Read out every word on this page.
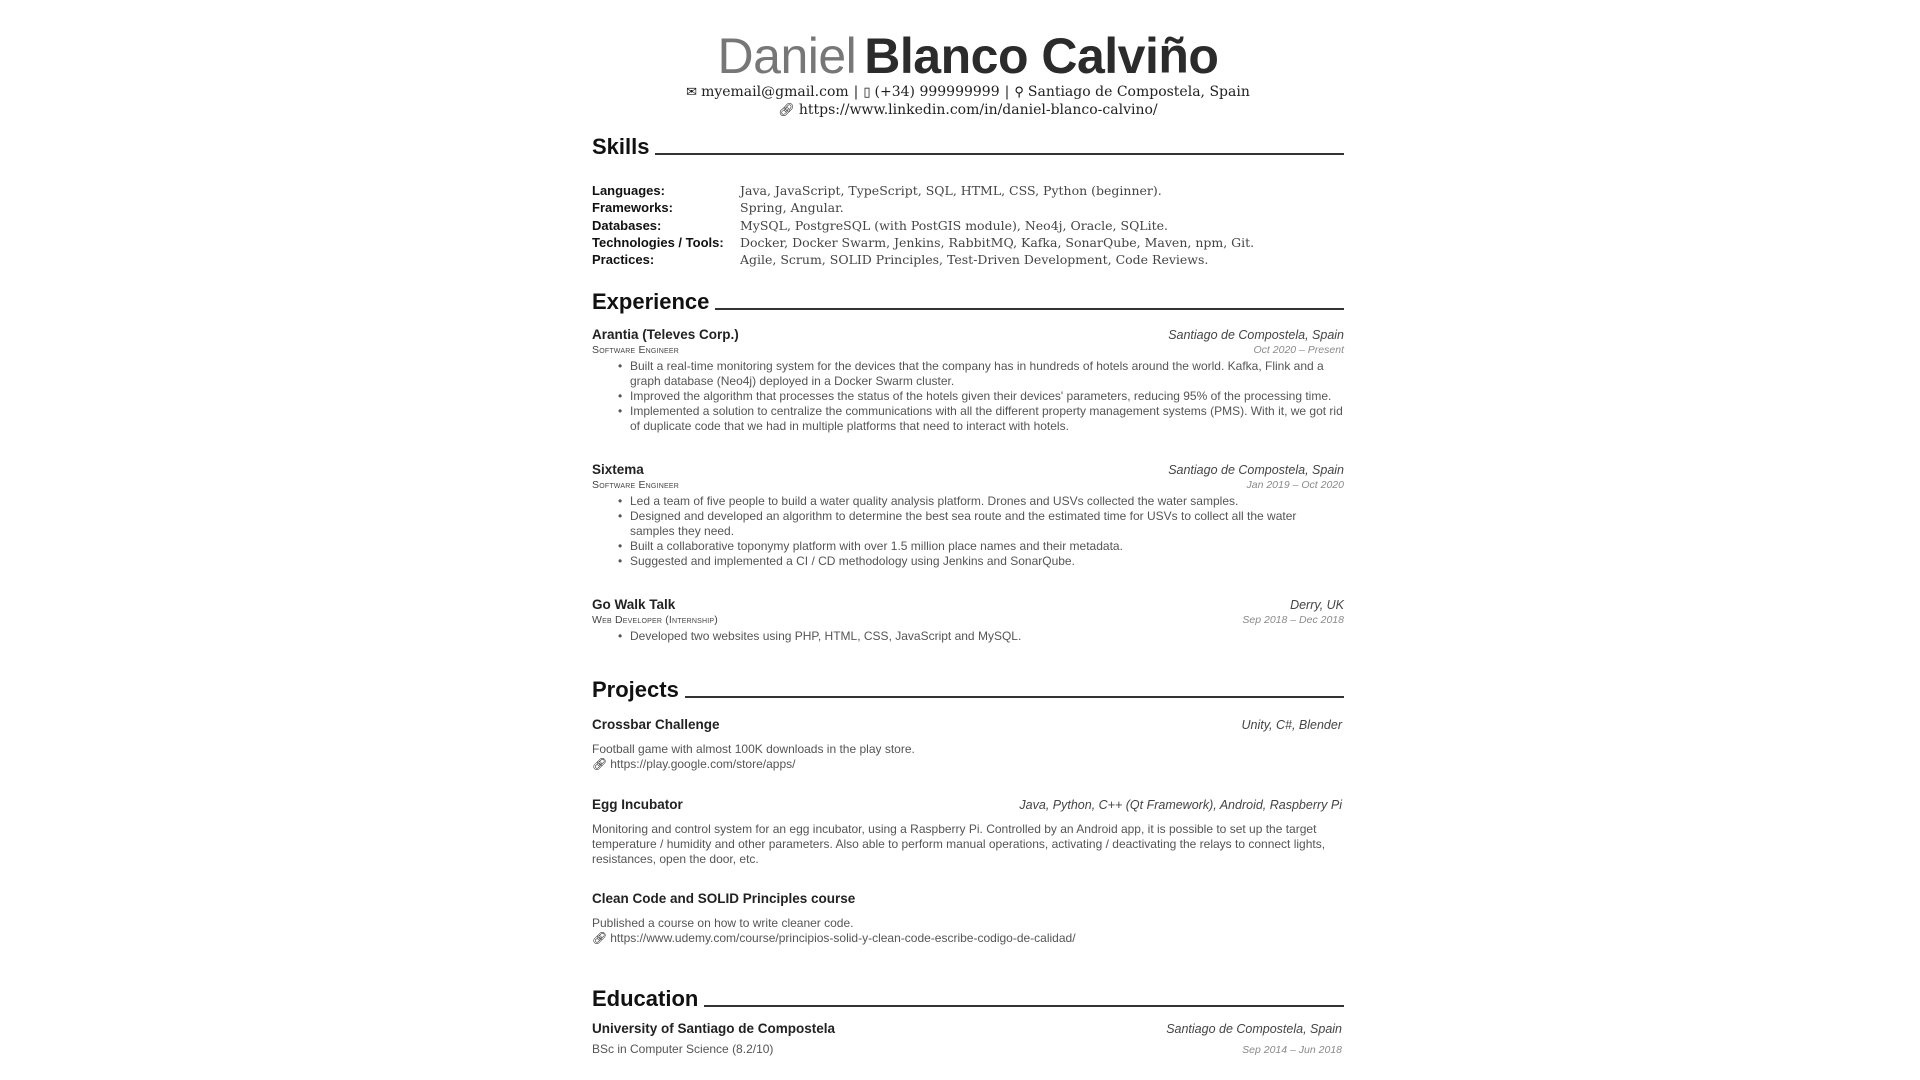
Daniel Blanco Calviño
✉ myemail@gmail.com | ▯ (+34) 999999999 | ⚲ Santiago de Compostela, Spain
🔗︎ https://www.linkedin.com/in/daniel-blanco-calvino/
Skills
Languages:	Java, JavaScript, TypeScript, SQL, HTML, CSS, Python (beginner).
Frameworks:	Spring, Angular.
Databases:	MySQL, PostgreSQL (with PostGIS module), Neo4j, Oracle, SQLite.
Technologies / Tools:	Docker, Docker Swarm, Jenkins, RabbitMQ, Kafka, SonarQube, Maven, npm, Git.
Practices:	Agile, Scrum, SOLID Principles, Test-Driven Development, Code Reviews.
Experience
Arantia (Televes Corp.)	Santiago de Compostela, Spain
Software Engineer	Oct 2020 – Present
• Built a real-time monitoring system for the devices that the company has in hundreds of hotels around the world. Kafka, Flink and a graph database (Neo4j) deployed in a Docker Swarm cluster.
• Improved the algorithm that processes the status of the hotels given their devices' parameters, reducing 95% of the processing time.
• Implemented a solution to centralize the communications with all the different property management systems (PMS). With it, we got rid of duplicate code that we had in multiple platforms that need to interact with hotels.
Sixtema	Santiago de Compostela, Spain
Software Engineer	Jan 2019 – Oct 2020
• Led a team of five people to build a water quality analysis platform. Drones and USVs collected the water samples.
• Designed and developed an algorithm to determine the best sea route and the estimated time for USVs to collect all the water samples they need.
• Built a collaborative toponymy platform with over 1.5 million place names and their metadata.
• Suggested and implemented a CI / CD methodology using Jenkins and SonarQube.
Go Walk Talk	Derry, UK
Web Developer (Internship)	Sep 2018 – Dec 2018
• Developed two websites using PHP, HTML, CSS, JavaScript and MySQL.
Projects
Crossbar Challenge	Unity, C#, Blender
Football game with almost 100K downloads in the play store.
🔗︎ https://play.google.com/store/apps/
Egg Incubator	Java, Python, C++ (Qt Framework), Android, Raspberry Pi
Monitoring and control system for an egg incubator, using a Raspberry Pi. Controlled by an Android app, it is possible to set up the target temperature / humidity and other parameters. Also able to perform manual operations, activating / deactivating the relays to connect lights, resistances, open the door, etc.
Clean Code and SOLID Principles course
Published a course on how to write cleaner code.
🔗︎ https://www.udemy.com/course/principios-solid-y-clean-code-escribe-codigo-de-calidad/
Education
University of Santiago de Compostela	Santiago de Compostela, Spain
BSc in Computer Science (8.2/10)	Sep 2014 – Jun 2018
